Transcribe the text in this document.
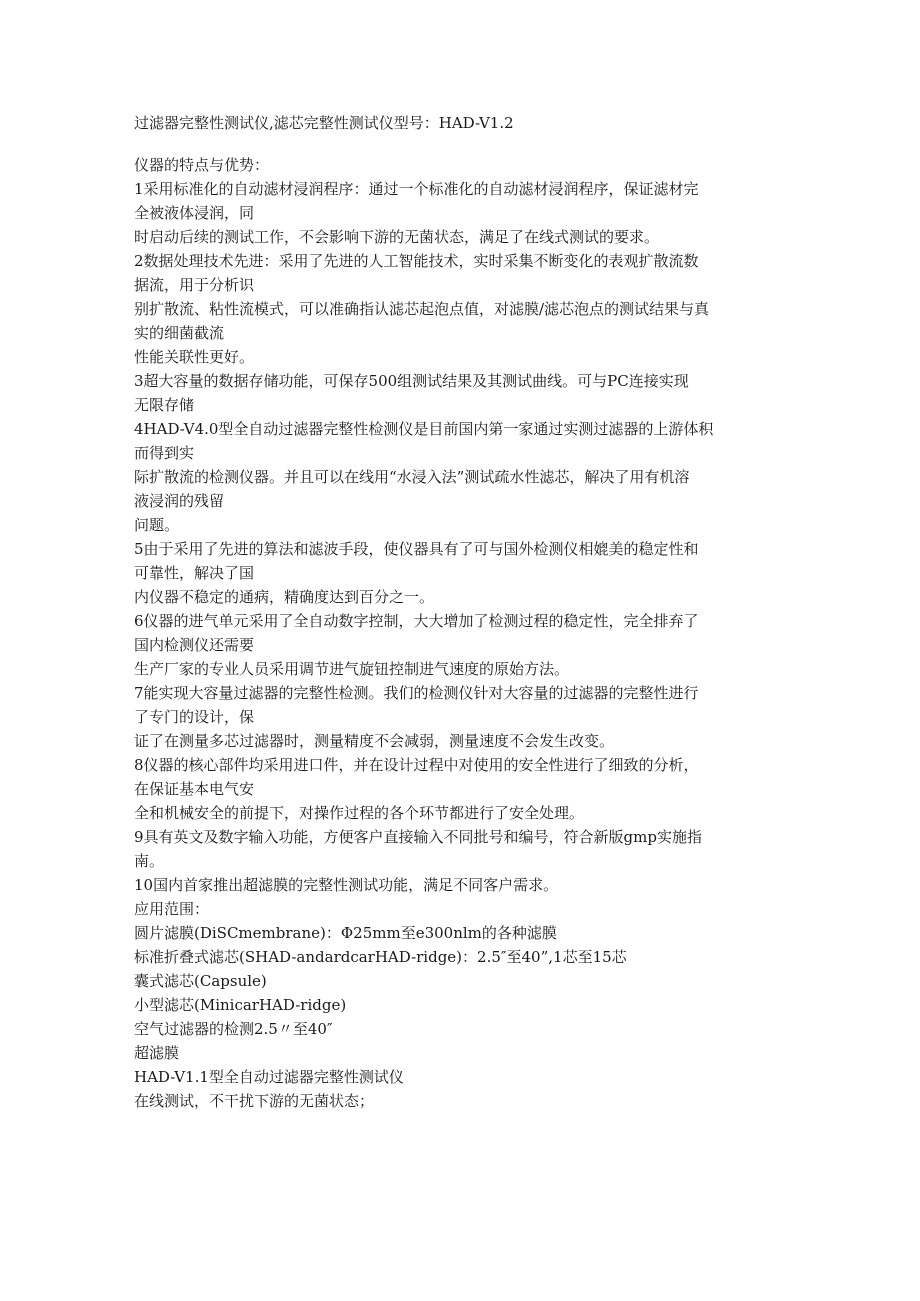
过滤器完整性测试仪,滤芯完整性测试仪型号：HAD-V1.2

仪器的特点与优势：

1采用标准化的自动滤材浸润程序：通过一个标准化的自动滤材浸润程序，保证滤材完

全被液体浸润，同

时启动后续的测试工作，不会影响下游的无菌状态，满足了在线式测试的要求。

2数据处理技术先进：采用了先进的人工智能技术，实时采集不断变化的表观扩散流数

据流，用于分析识

别扩散流、粘性流模式，可以准确指认滤芯起泡点值，对滤膜/滤芯泡点的测试结果与真

实的细菌截流

性能关联性更好。

3超大容量的数据存储功能，可保存500组测试结果及其测试曲线。可与PC连接实现

无限存储

4HAD-V4.0型全自动过滤器完整性检测仪是目前国内第一家通过实测过滤器的上游体积

而得到实

际扩散流的检测仪器。并且可以在线用“水浸入法”测试疏水性滤芯，解决了用有机溶

液浸润的残留

问题。

5由于采用了先进的算法和滤波手段，使仪器具有了可与国外检测仪相媲美的稳定性和

可靠性，解决了国

内仪器不稳定的通病，精确度达到百分之一。

6仪器的进气单元采用了全自动数字控制，大大增加了检测过程的稳定性，完全排弃了

国内检测仪还需要

生产厂家的专业人员采用调节进气旋钮控制进气速度的原始方法。

7能实现大容量过滤器的完整性检测。我们的检测仪针对大容量的过滤器的完整性进行

了专门的设计，保

证了在测量多芯过滤器时，测量精度不会减弱，测量速度不会发生改变。

8仪器的核心部件均采用进口件，并在设计过程中对使用的安全性进行了细致的分析，

在保证基本电气安

全和机械安全的前提下，对操作过程的各个环节都进行了安全处理。

9具有英文及数字输入功能，方便客户直接输入不同批号和编号，符合新版gmp实施指

南。

10国内首家推出超滤膜的完整性测试功能，满足不同客户需求。

应用范围：

圆片滤膜(DiSCmembrane)：Φ25mm至e300nlm的各种滤膜

标准折叠式滤芯(SHAD-andardcarHAD-ridge)：2.5″至40”,1芯至15芯

囊式滤芯(Capsule)

小型滤芯(MinicarHAD-ridge)

空气过滤器的检测2.5〃至40″

超滤膜

HAD-V1.1型全自动过滤器完整性测试仪

在线测试，不干扰下游的无菌状态；
